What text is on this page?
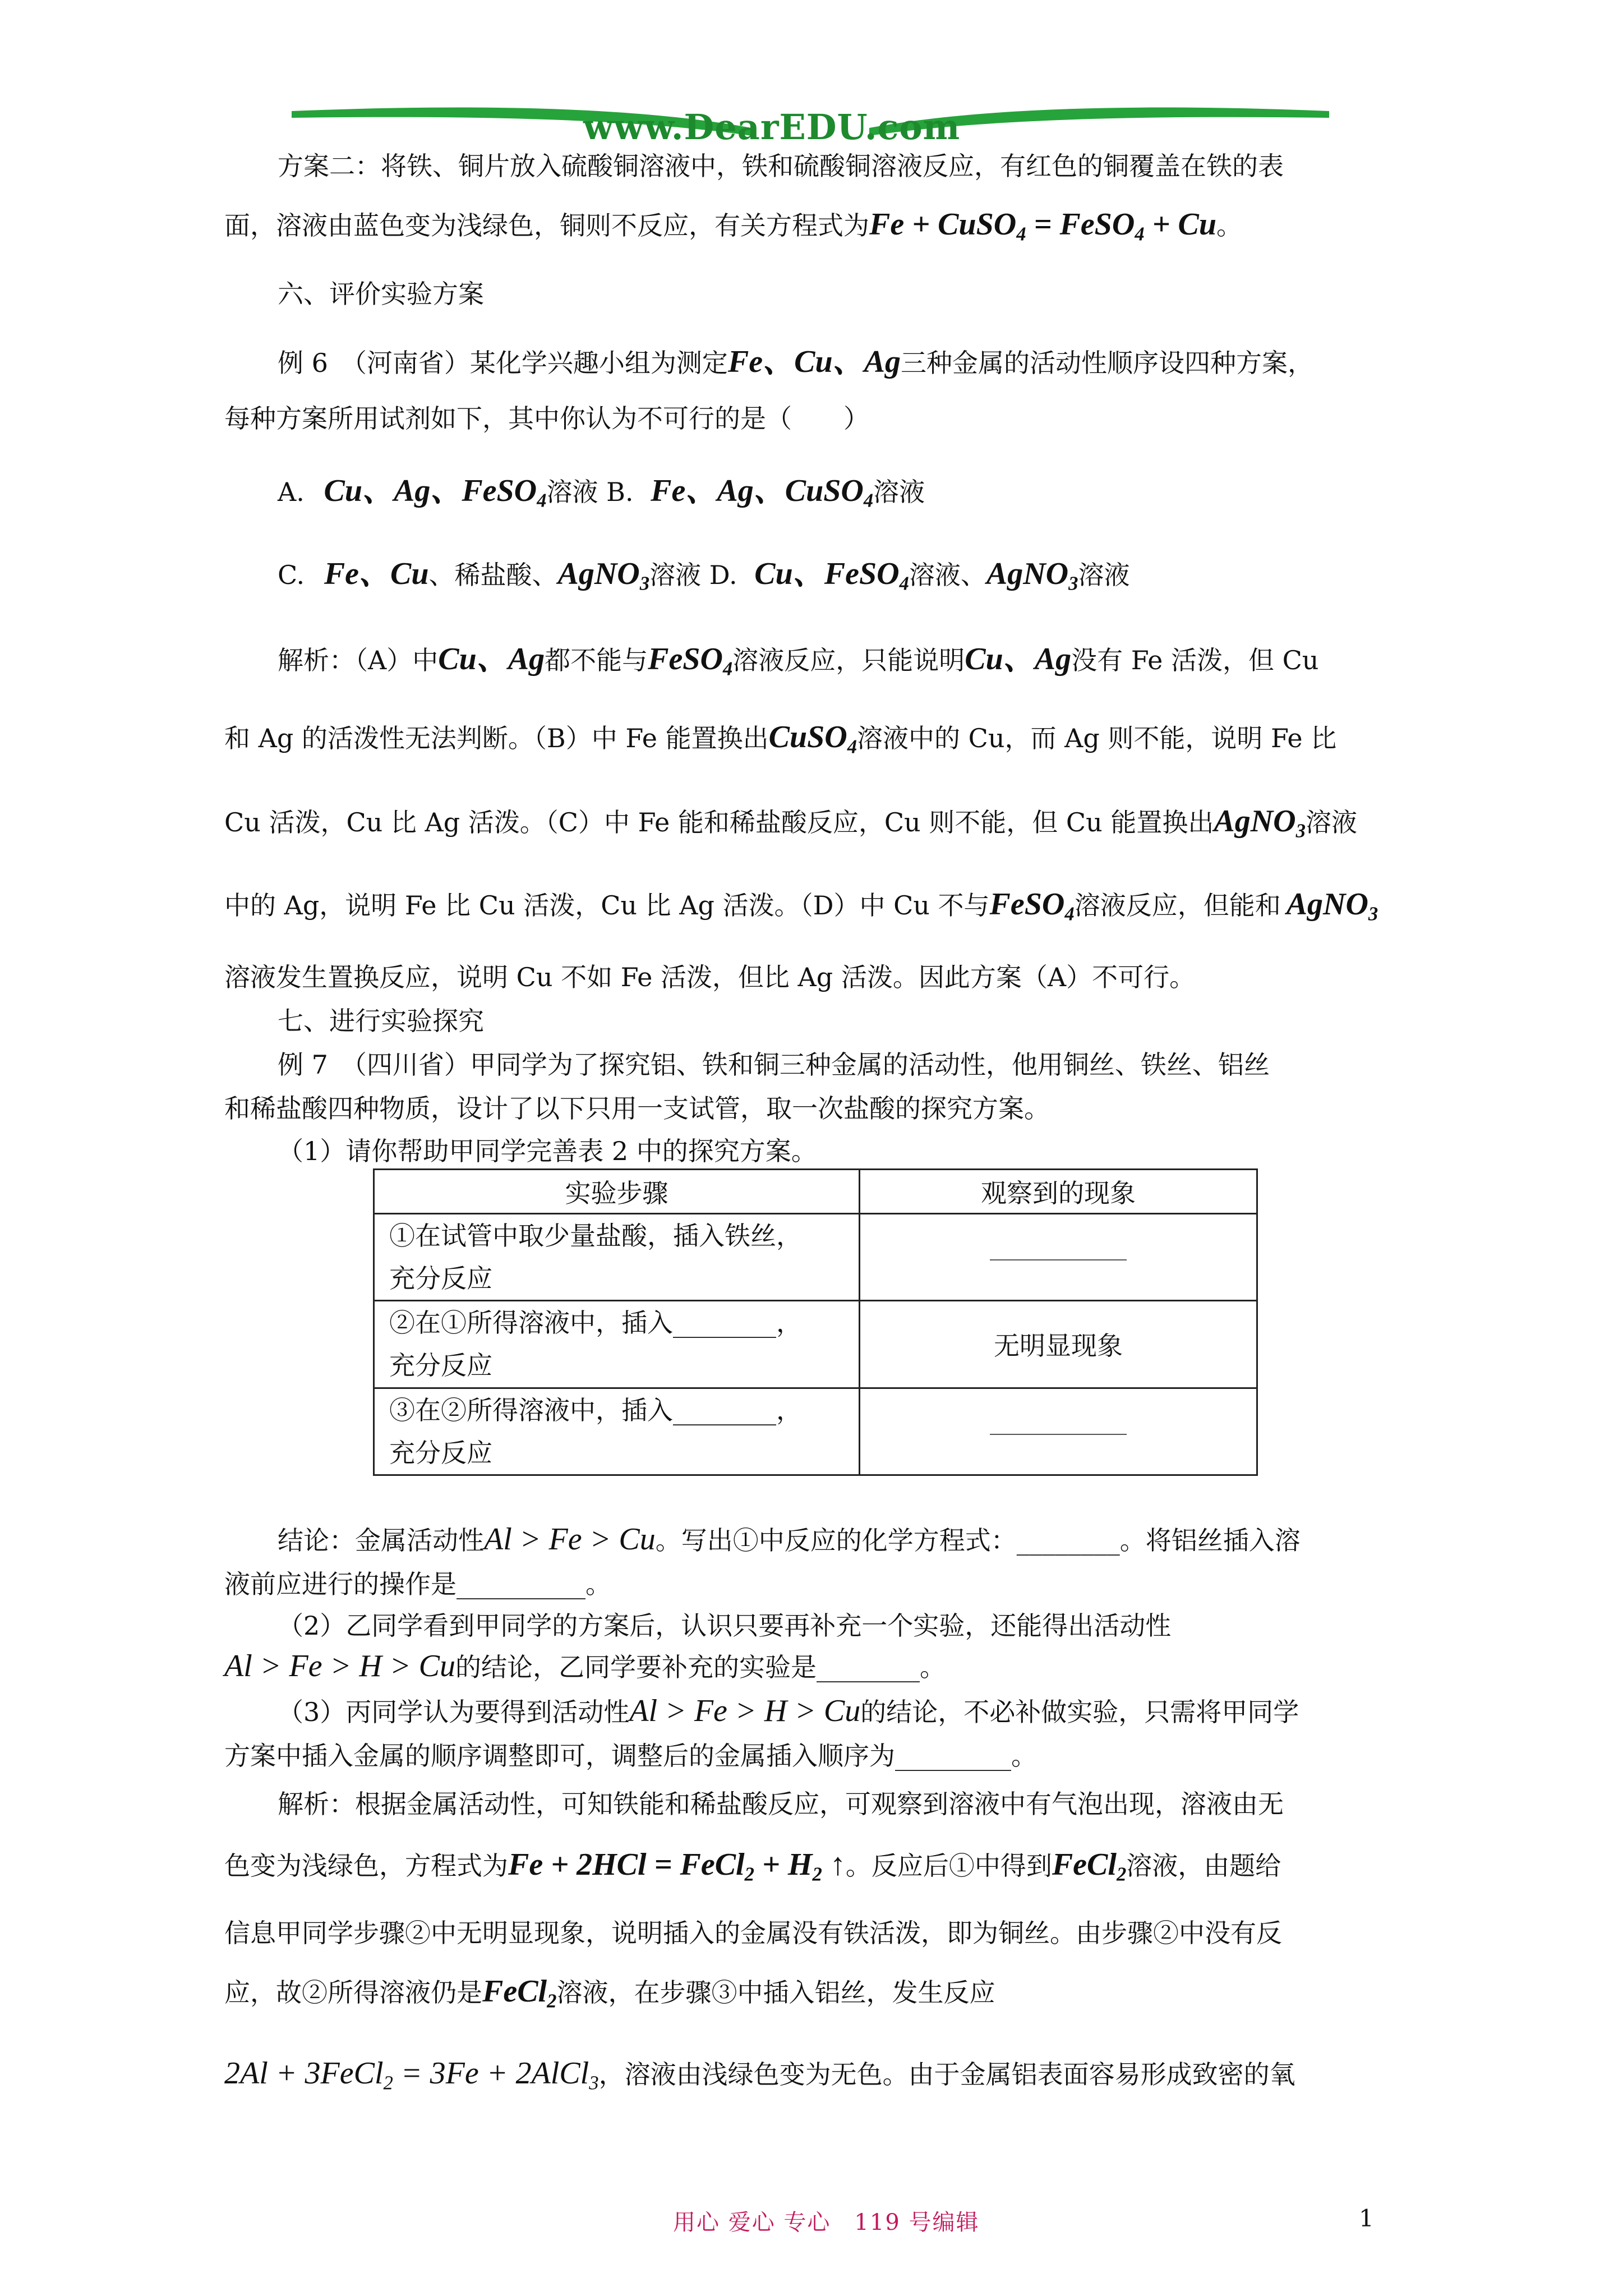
www.DearEDU.com
方案二：将铁、铜片放入硫酸铜溶液中，铁和硫酸铜溶液反应，有红色的铜覆盖在铁的表
面，溶液由蓝色变为浅绿色，铜则不反应，有关方程式为Fe + CuSO$_4$ = FeSO$_4$ + Cu。
六、评价实验方案
例 6　（河南省）某化学兴趣小组为测定Fe、Cu、Ag三种金属的活动性顺序设四种方案，
每种方案所用试剂如下，其中你认为不可行的是（　　）
A. Cu、Ag、FeSO$_4$溶液 B. Fe、Ag、CuSO$_4$溶液
C. Fe、Cu、稀盐酸、AgNO$_3$溶液 D. Cu、FeSO$_4$溶液、AgNO$_3$溶液
解析：（A）中Cu、Ag都不能与FeSO$_4$溶液反应，只能说明Cu、Ag没有 Fe 活泼，但 Cu
和 Ag 的活泼性无法判断。（B）中 Fe 能置换出CuSO$_4$溶液中的 Cu，而 Ag 则不能，说明 Fe 比
Cu 活泼，Cu 比 Ag 活泼。（C）中 Fe 能和稀盐酸反应，Cu 则不能，但 Cu 能置换出AgNO$_3$溶液
中的 Ag，说明 Fe 比 Cu 活泼，Cu 比 Ag 活泼。（D）中 Cu 不与FeSO$_4$溶液反应，但能和 AgNO$_3$
溶液发生置换反应，说明 Cu 不如 Fe 活泼，但比 Ag 活泼。因此方案（A）不可行。
七、进行实验探究
例 7　（四川省）甲同学为了探究铝、铁和铜三种金属的活动性，他用铜丝、铁丝、铝丝
和稀盐酸四种物质，设计了以下只用一支试管，取一次盐酸的探究方案。
（1）请你帮助甲同学完善表 2 中的探究方案。
实验步骤	观察到的现象
①在试管中取少量盐酸，插入铁丝，
充分反应	
②在①所得溶液中，插入________，
充分反应	无明显现象
③在②所得溶液中，插入________，
充分反应	
结论：金属活动性Al > Fe > Cu。写出①中反应的化学方程式：________。将铝丝插入溶
液前应进行的操作是__________。
（2）乙同学看到甲同学的方案后，认识只要再补充一个实验，还能得出活动性
Al > Fe > H > Cu的结论，乙同学要补充的实验是________。
（3）丙同学认为要得到活动性Al > Fe > H > Cu的结论，不必补做实验，只需将甲同学
方案中插入金属的顺序调整即可，调整后的金属插入顺序为_________。
解析：根据金属活动性，可知铁能和稀盐酸反应，可观察到溶液中有气泡出现，溶液由无
色变为浅绿色，方程式为Fe + 2HCl = FeCl$_2$ + $H_2$ ↑。反应后①中得到FeCl$_2$溶液，由题给
信息甲同学步骤②中无明显现象，说明插入的金属没有铁活泼，即为铜丝。由步骤②中没有反
应，故②所得溶液仍是FeCl$_2$溶液，在步骤③中插入铝丝，发生反应
2Al + 3FeCl$_2$ = 3Fe + 2AlCl$_3$，溶液由浅绿色变为无色。由于金属铝表面容易形成致密的氧
用心 爱心 专心　119 号编辑	1
